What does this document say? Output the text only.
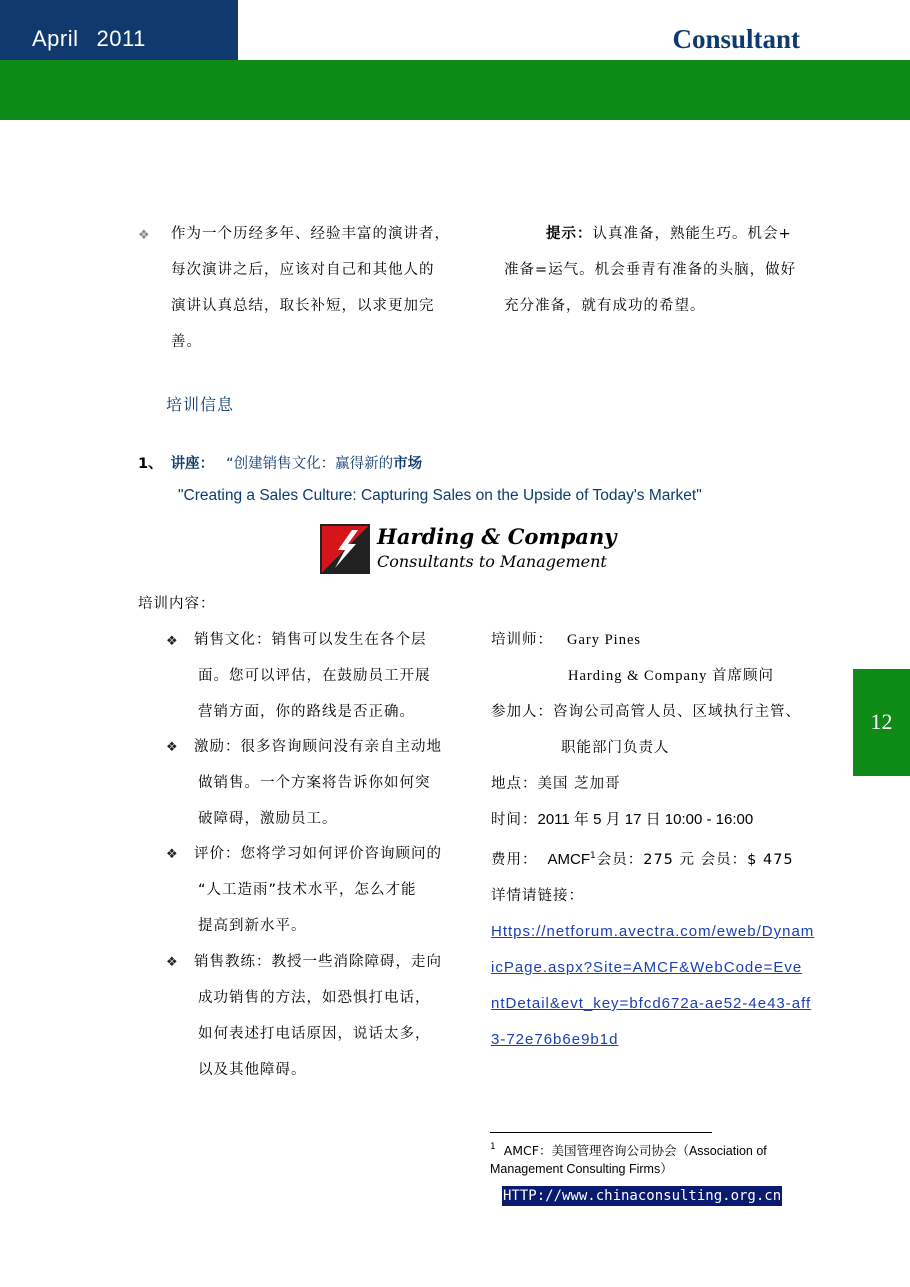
April 2011	Consultant
❖ 作为一个历经多年、经验丰富的演讲者，
每次演讲之后，应该对自己和其他人的
演讲认真总结，取长补短，以求更加完
善。
提示：认真准备，熟能生巧。机会+
准备=运气。机会垂青有准备的头脑，做好
充分准备，就有成功的希望。
培训信息
1、 讲座： “创建销售文化：赢得新的市场
"Creating a Sales Culture: Capturing Sales on the Upside of Today's Market"
Harding & Company
Consultants to Management
培训内容：
❖ 销售文化：销售可以发生在各个层
面。您可以评估，在鼓励员工开展
营销方面，你的路线是否正确。
❖ 激励：很多咨询顾问没有亲自主动地
做销售。一个方案将告诉你如何突
破障碍，激励员工。
❖ 评价：您将学习如何评价咨询顾问的
“人工造雨”技术水平，怎么才能
提高到新水平。
❖ 销售教练：教授一些消除障碍，走向
成功销售的方法，如恐惧打电话，
如何表述打电话原因，说话太多，
以及其他障碍。
培训师： Gary Pines
Harding & Company 首席顾问
参加人：咨询公司高管人员、区域执行主管、
职能部门负责人
地点：美国 芝加哥
时间：2011 年 5 月 17 日 10:00 - 16:00
费用： AMCF$^1$会员：275 元 会员：$ 475
详情请链接：
Https://netforum.avectra.com/eweb/Dynam
icPage.aspx?Site=AMCF&WebCode=Eve
ntDetail&evt_key=bfcd672a-ae52-4e43-aff
3-72e76b6e9b1d
$^1$ AMCF：美国管理咨询公司协会（Association of
Management Consulting Firms）
HTTP://www.chinaconsulting.org.cn
12
